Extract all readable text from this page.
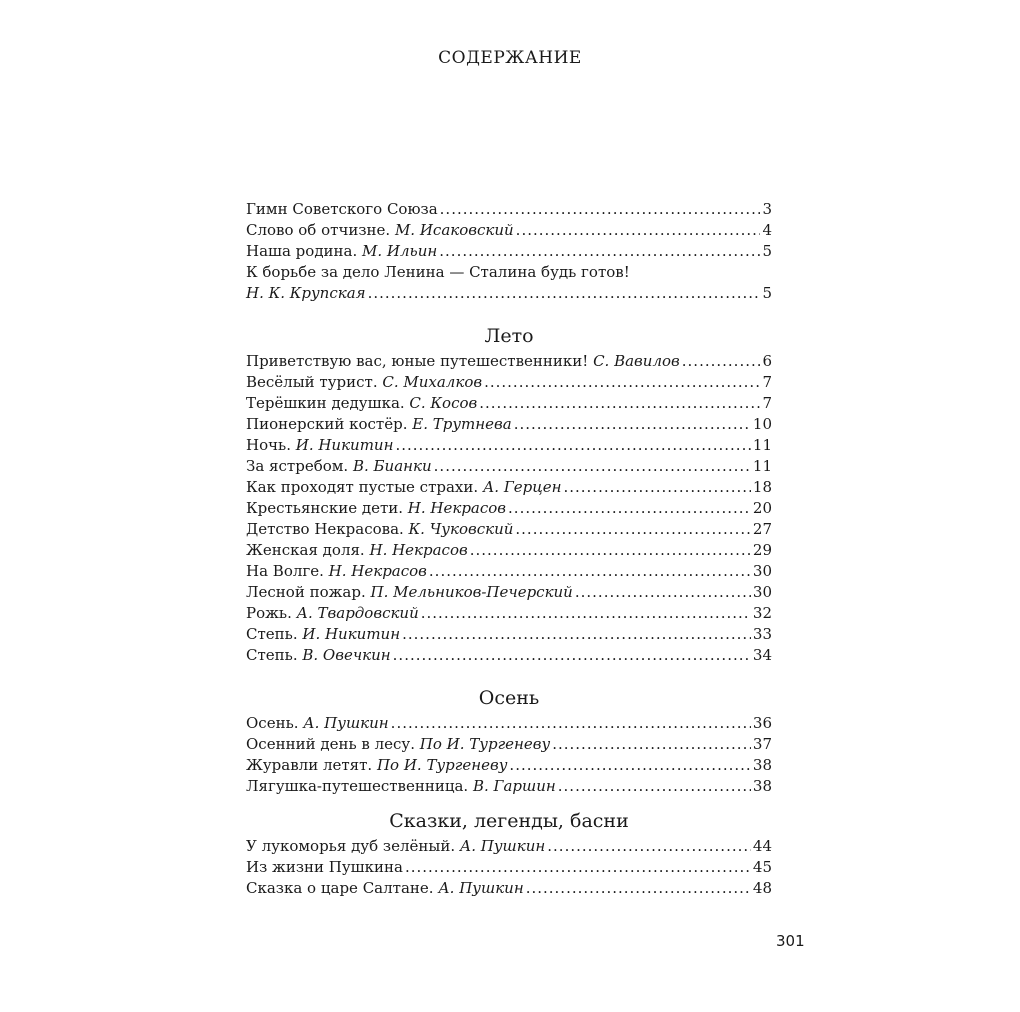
СОДЕРЖАНИЕ
Гимн Советского Союза .....	3
Слово об отчизне. М. Исаковский .....	4
Наша родина. М. Ильин .....	5
К борьбе за дело Ленина — Сталина будь готов!
Н. К. Крупская .....	5
Лето
Приветствую вас, юные путешественники! С. Вавилов .....	6
Весёлый турист. С. Михалков .....	7
Терёшкин дедушка. С. Косов .....	7
Пионерский костёр. Е. Трутнева .....	10
Ночь. И. Никитин .....	11
За ястребом. В. Бианки .....	11
Как проходят пустые страхи. А. Герцен .....	18
Крестьянские дети. Н. Некрасов .....	20
Детство Некрасова. К. Чуковский .....	27
Женская доля. Н. Некрасов .....	29
На Волге. Н. Некрасов .....	30
Лесной пожар. П. Мельников-Печерский .....	30
Рожь. А. Твардовский .....	32
Степь. И. Никитин .....	33
Степь. В. Овечкин .....	34
Осень
Осень. А. Пушкин .....	36
Осенний день в лесу. По И. Тургеневу .....	37
Журавли летят. По И. Тургеневу .....	38
Лягушка-путешественница. В. Гаршин .....	38
Сказки, легенды, басни
У лукоморья дуб зелёный. А. Пушкин .....	44
Из жизни Пушкина .....	45
Сказка о царе Салтане. А. Пушкин .....	48
301
